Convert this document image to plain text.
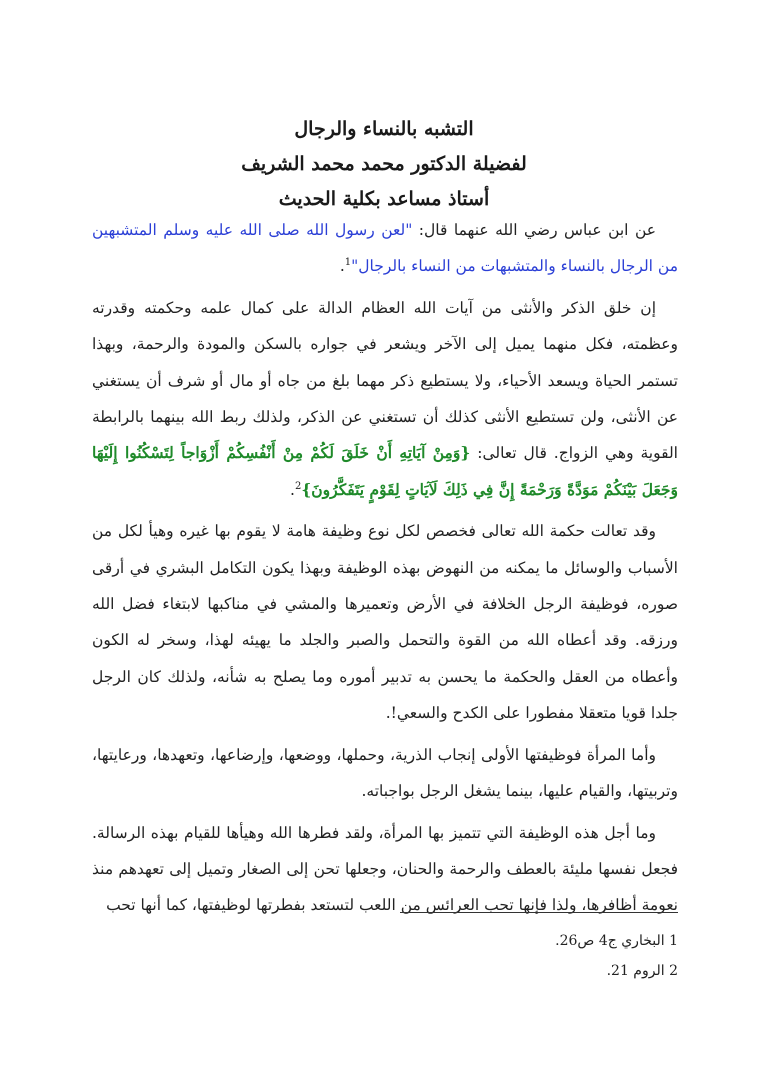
التشبه بالنساء والرجال
لفضيلة الدكتور محمد محمد الشريف
أستاذ مساعد بكلية الحديث

عن ابن عباس رضي الله عنهما قال: "لعن رسول الله صلى الله عليه وسلم المتشبهين من الرجال بالنساء والمتشبهات من النساء بالرجال"$^1$.

إن خلق الذكر والأنثى من آيات الله العظام الدالة على كمال علمه وحكمته وقدرته وعظمته، فكل منهما يميل إلى الآخر ويشعر في جواره بالسكن والمودة والرحمة، وبهذا تستمر الحياة ويسعد الأحياء، ولا يستطيع ذكر مهما بلغ من جاه أو مال أو شرف أن يستغني عن الأنثى، ولن تستطيع الأنثى كذلك أن تستغني عن الذكر، ولذلك ربط الله بينهما بالرابطة القوية وهي الزواج. قال تعالى: {وَمِنْ آيَاتِهِ أَنْ خَلَقَ لَكُمْ مِنْ أَنْفُسِكُمْ أَزْوَاجاً لِتَسْكُنُوا إِلَيْهَا وَجَعَلَ بَيْنَكُمْ مَوَدَّةً وَرَحْمَةً إِنَّ فِي ذَلِكَ لَآيَاتٍ لِقَوْمٍ يَتَفَكَّرُونَ}$^2$.

وقد تعالت حكمة الله تعالى فخصص لكل نوع وظيفة هامة لا يقوم بها غيره وهيأ لكل من الأسباب والوسائل ما يمكنه من النهوض بهذه الوظيفة وبهذا يكون التكامل البشري في أرقى صوره، فوظيفة الرجل الخلافة في الأرض وتعميرها والمشي في مناكبها لابتغاء فضل الله ورزقه. وقد أعطاه الله من القوة والتحمل والصبر والجلد ما يهيئه لهذا، وسخر له الكون وأعطاه من العقل والحكمة ما يحسن به تدبير أموره وما يصلح به شأنه، ولذلك كان الرجل جلدا قويا متعقلا مفطورا على الكدح والسعي!.

وأما المرأة فوظيفتها الأولى إنجاب الذرية، وحملها، ووضعها، وإرضاعها، وتعهدها، ورعايتها، وتربيتها، والقيام عليها، بينما يشغل الرجل بواجباته.

وما أجل هذه الوظيفة التي تتميز بها المرأة، ولقد فطرها الله وهيأها للقيام بهذه الرسالة. فجعل نفسها مليئة بالعطف والرحمة والحنان، وجعلها تحن إلى الصغار وتميل إلى تعهدهم منذ نعومة أظافرها، ولذا فإنها تحب العرائس من اللعب لتستعد بفطرتها لوظيفتها، كما أنها تحب

1 البخاري ج4 ص26.
2 الروم 21.
